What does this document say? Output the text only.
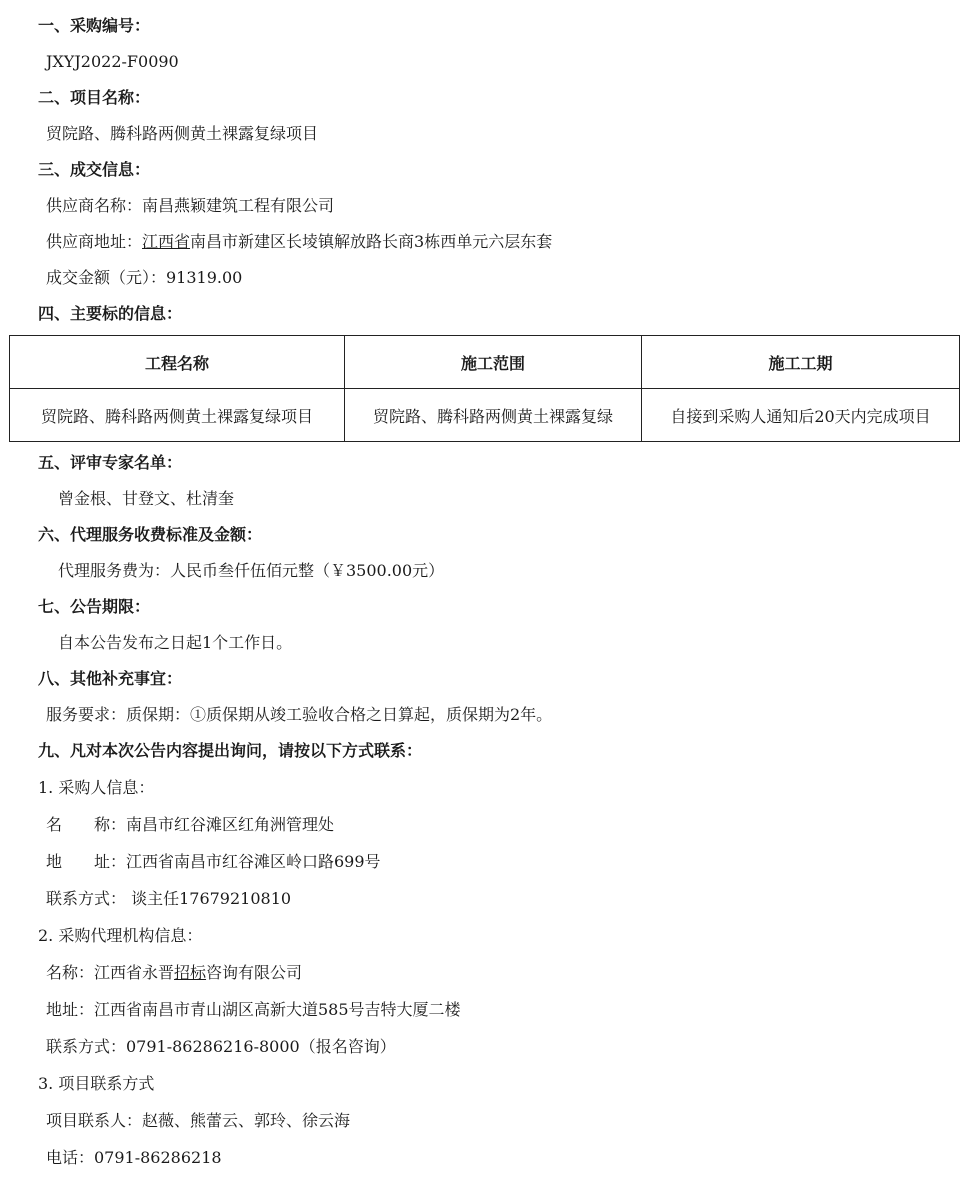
一、采购编号：
JXYJ2022-F0090
二、项目名称：
贸院路、腾科路两侧黄土裸露复绿项目
三、成交信息：
供应商名称：南昌燕颖建筑工程有限公司
供应商地址：江西省南昌市新建区长堎镇解放路长商3栋西单元六层东套
成交金额（元）：91319.00
四、主要标的信息：
工程名称	施工范围	施工工期
贸院路、腾科路两侧黄土裸露复绿项目	贸院路、腾科路两侧黄土裸露复绿	自接到采购人通知后20天内完成项目
五、评审专家名单：
曾金根、甘登文、杜清奎
六、代理服务收费标准及金额：
代理服务费为：人民币叁仟伍佰元整（￥3500.00元）
七、公告期限：
自本公告发布之日起1个工作日。
八、其他补充事宜：
服务要求：质保期：①质保期从竣工验收合格之日算起，质保期为2年。
九、凡对本次公告内容提出询问，请按以下方式联系：
1. 采购人信息：
名　　称：南昌市红谷滩区红角洲管理处
地　　址：江西省南昌市红谷滩区岭口路699号
联系方式： 谈主任17679210810
2. 采购代理机构信息：
名称：江西省永晋招标咨询有限公司
地址：江西省南昌市青山湖区高新大道585号吉特大厦二楼
联系方式：0791-86286216-8000（报名咨询）
3. 项目联系方式
项目联系人：赵薇、熊蕾云、郭玲、徐云海
电话：0791-86286218
